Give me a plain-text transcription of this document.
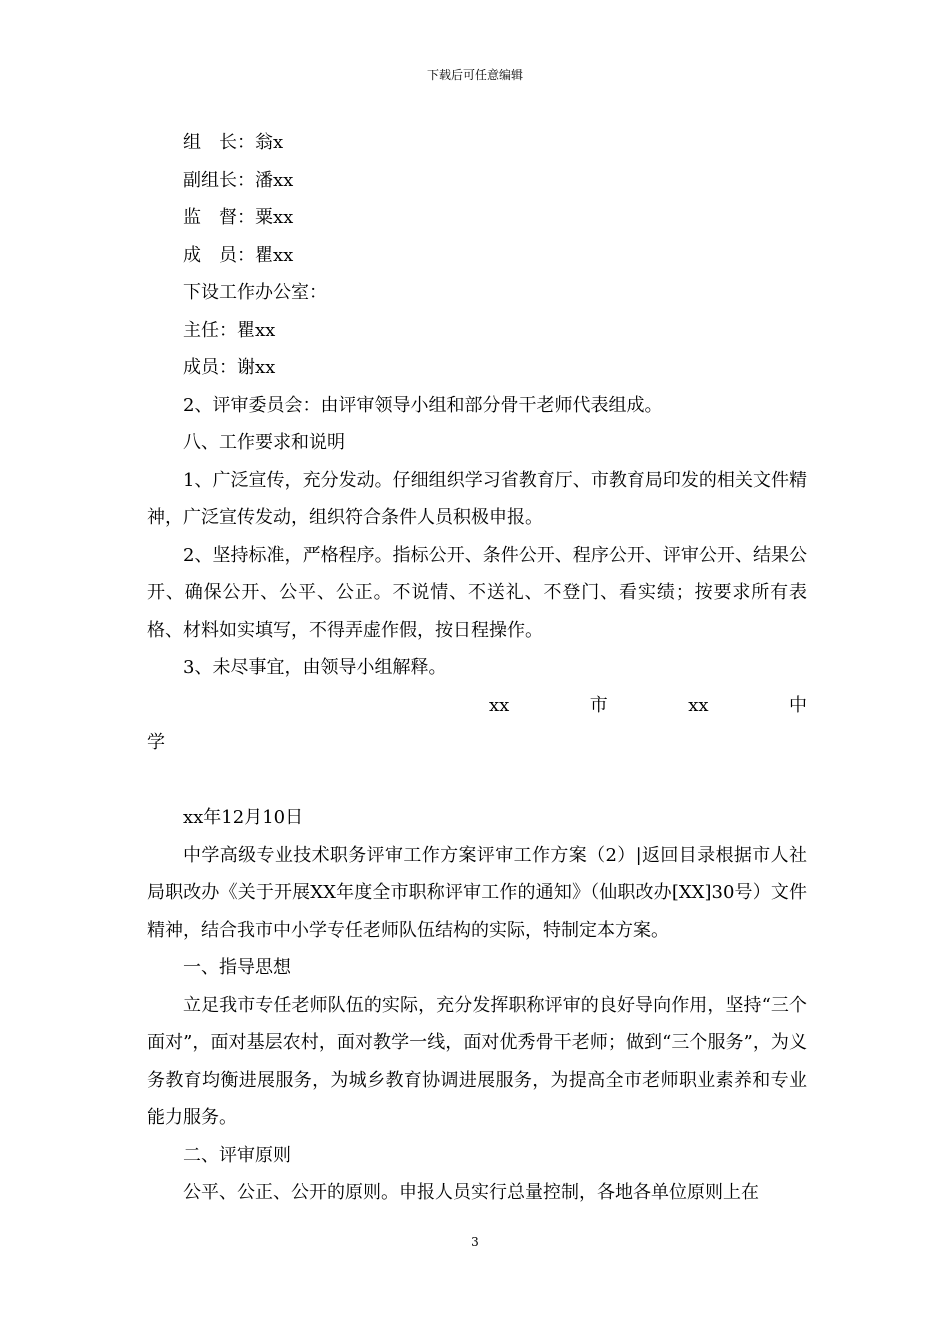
下载后可任意编辑
组　长：翁x
副组长：潘xx
监　督：粟xx
成　员：瞿xx
下设工作办公室：
主任：瞿xx
成员：谢xx
2、评审委员会：由评审领导小组和部分骨干老师代表组成。
八、工作要求和说明
1、广泛宣传，充分发动。仔细组织学习省教育厅、市教育局印发的相关文件精神，广泛宣传发动，组织符合条件人员积极申报。
2、坚持标准，严格程序。指标公开、条件公开、程序公开、评审公开、结果公开、确保公开、公平、公正。不说情、不送礼、不登门、看实绩；按要求所有表格、材料如实填写，不得弄虚作假，按日程操作。
3、未尽事宜，由领导小组解释。
xx	市	xx	中
学
xx年12月10日
中学高级专业技术职务评审工作方案评审工作方案（2）|返回目录根据市人社局职改办《关于开展XX年度全市职称评审工作的通知》（仙职改办[XX]30号）文件精神，结合我市中小学专任老师队伍结构的实际，特制定本方案。
一、指导思想
立足我市专任老师队伍的实际，充分发挥职称评审的良好导向作用，坚持“三个面对”，面对基层农村，面对教学一线，面对优秀骨干老师；做到“三个服务”，为义务教育均衡进展服务，为城乡教育协调进展服务，为提高全市老师职业素养和专业能力服务。
二、评审原则
公平、公正、公开的原则。申报人员实行总量控制，各地各单位原则上在
3
